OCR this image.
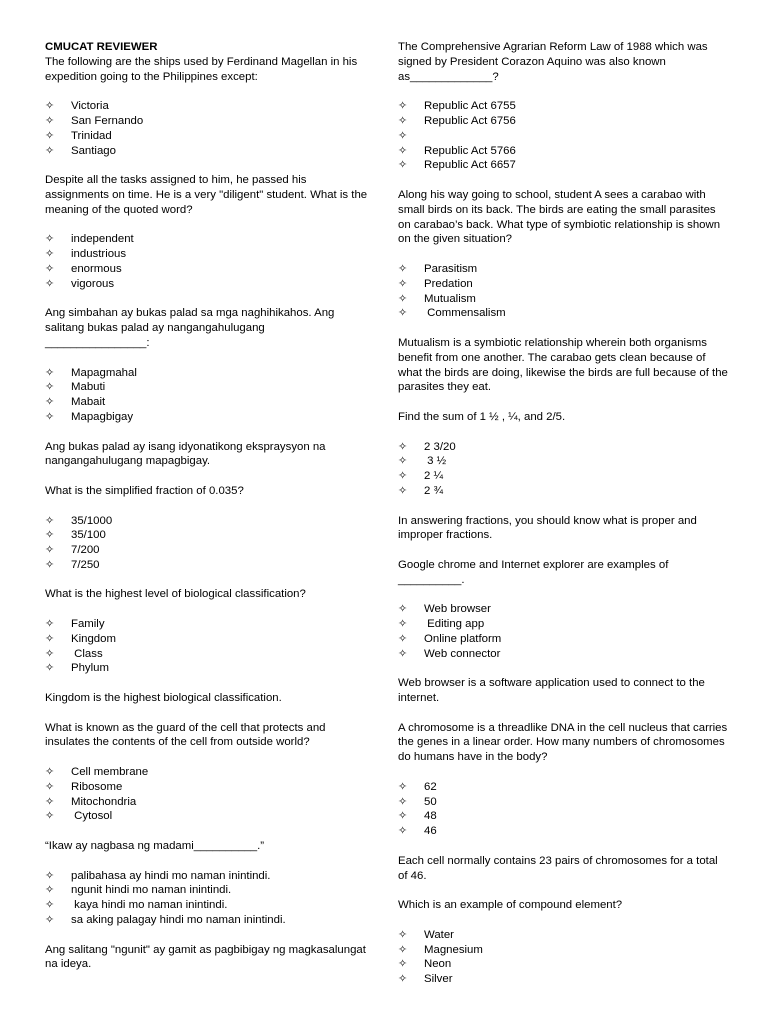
CMUCAT REVIEWER

The following are the ships used by Ferdinand Magellan in his expedition going to the Philippines except:

✧	Victoria
✧	San Fernando
✧	Trinidad
✧	Santiago

Despite all the tasks assigned to him, he passed his assignments on time. He is a very "diligent" student. What is the meaning of the quoted word?

✧	independent
✧	industrious
✧	enormous
✧	vigorous

Ang simbahan ay bukas palad sa mga naghihikahos. Ang salitang bukas palad ay nangangahulugang ________________:

✧	Mapagmahal
✧	Mabuti
✧	Mabait
✧	Mapagbigay

Ang bukas palad ay isang idyonatikong ekspraysyon na nangangahulugang mapagbigay.

What is the simplified fraction of 0.035?

✧	35/1000
✧	35/100
✧	7/200
✧	7/250

What is the highest level of biological classification?

✧	Family
✧	Kingdom
✧	Class
✧	Phylum

Kingdom is the highest biological classification.

What is known as the guard of the cell that protects and insulates the contents of the cell from outside world?

✧	Cell membrane
✧	Ribosome
✧	Mitochondria
✧	Cytosol

“Ikaw ay nagbasa ng madami__________.”

✧	palibahasa ay hindi mo naman inintindi.
✧	ngunit hindi mo naman inintindi.
✧	kaya hindi mo naman inintindi.
✧	sa aking palagay hindi mo naman inintindi.

Ang salitang "ngunit" ay gamit as pagbibigay ng magkasalungat na ideya.

The Comprehensive Agrarian Reform Law of 1988 which was signed by President Corazon Aquino was also known as_____________?

✧	Republic Act 6755
✧	Republic Act 6756
✧
✧	Republic Act 5766
✧	Republic Act 6657

Along his way going to school, student A sees a carabao with small birds on its back. The birds are eating the small parasites on carabao’s back. What type of symbiotic relationship is shown on the given situation?

✧	Parasitism
✧	Predation
✧	Mutualism
✧	Commensalism

Mutualism is a symbiotic relationship wherein both organisms benefit from one another. The carabao gets clean because of what the birds are doing, likewise the birds are full because of the parasites they eat.

Find the sum of 1 ½ , ¼, and 2/5.

✧	2 3/20
✧	3 ½
✧	2 ¼
✧	2 ¾

In answering fractions, you should know what is proper and improper fractions.

Google chrome and Internet explorer are examples of __________.

✧	Web browser
✧	Editing app
✧	Online platform
✧	Web connector

Web browser is a software application used to connect to the internet.

A chromosome is a threadlike DNA in the cell nucleus that carries the genes in a linear order. How many numbers of chromosomes do humans have in the body?

✧	62
✧	50
✧	48
✧	46

Each cell normally contains 23 pairs of chromosomes for a total of 46.

Which is an example of compound element?

✧	Water
✧	Magnesium
✧	Neon
✧	Silver
